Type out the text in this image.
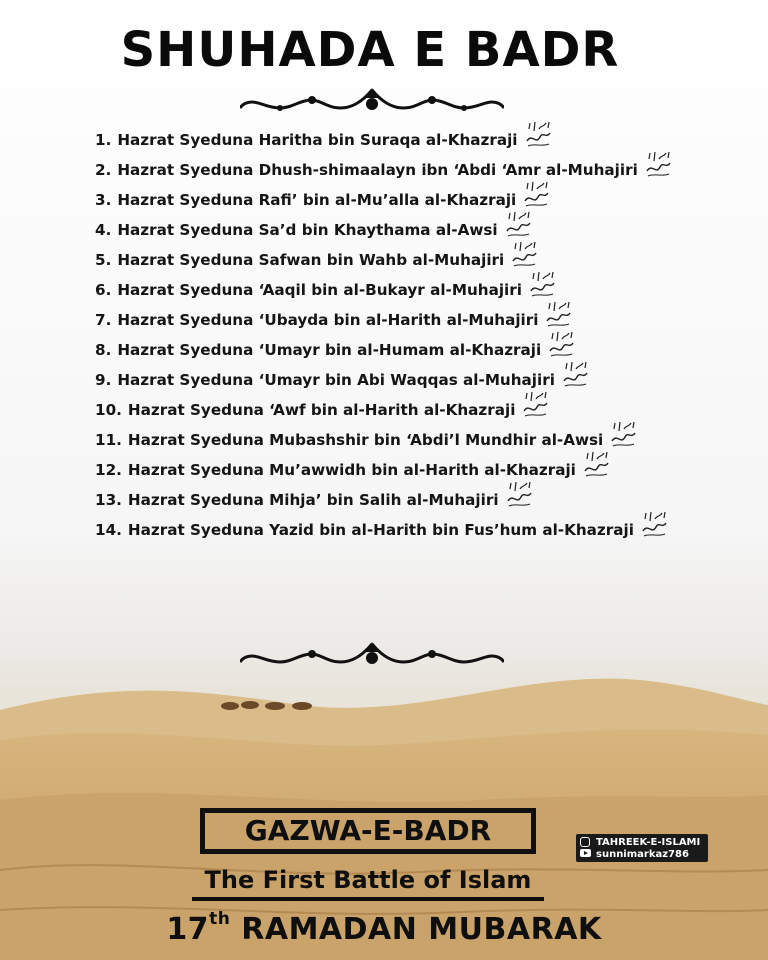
SHUHADA E BADR
1. Hazrat Syeduna Haritha bin Suraqa al-Khazraji
2. Hazrat Syeduna Dhush-shimaalayn ibn ‘Abdi ‘Amr al-Muhajiri
3. Hazrat Syeduna Rafi’ bin al-Mu’alla al-Khazraji
4. Hazrat Syeduna Sa’d bin Khaythama al-Awsi
5. Hazrat Syeduna Safwan bin Wahb al-Muhajiri
6. Hazrat Syeduna ‘Aaqil bin al-Bukayr al-Muhajiri
7. Hazrat Syeduna ‘Ubayda bin al-Harith al-Muhajiri
8. Hazrat Syeduna ‘Umayr bin al-Humam al-Khazraji
9. Hazrat Syeduna ‘Umayr bin Abi Waqqas al-Muhajiri
10. Hazrat Syeduna ‘Awf bin al-Harith al-Khazraji
11. Hazrat Syeduna Mubashshir bin ‘Abdi’l Mundhir al-Awsi
12. Hazrat Syeduna Mu’awwidh bin al-Harith al-Khazraji
13. Hazrat Syeduna Mihja’ bin Salih al-Muhajiri
14. Hazrat Syeduna Yazid bin al-Harith bin Fus’hum al-Khazraji
GAZWA-E-BADR
The First Battle of Islam
17th RAMADAN MUBARAK
TAHREEK-E-ISLAMI
sunnimarkaz786
